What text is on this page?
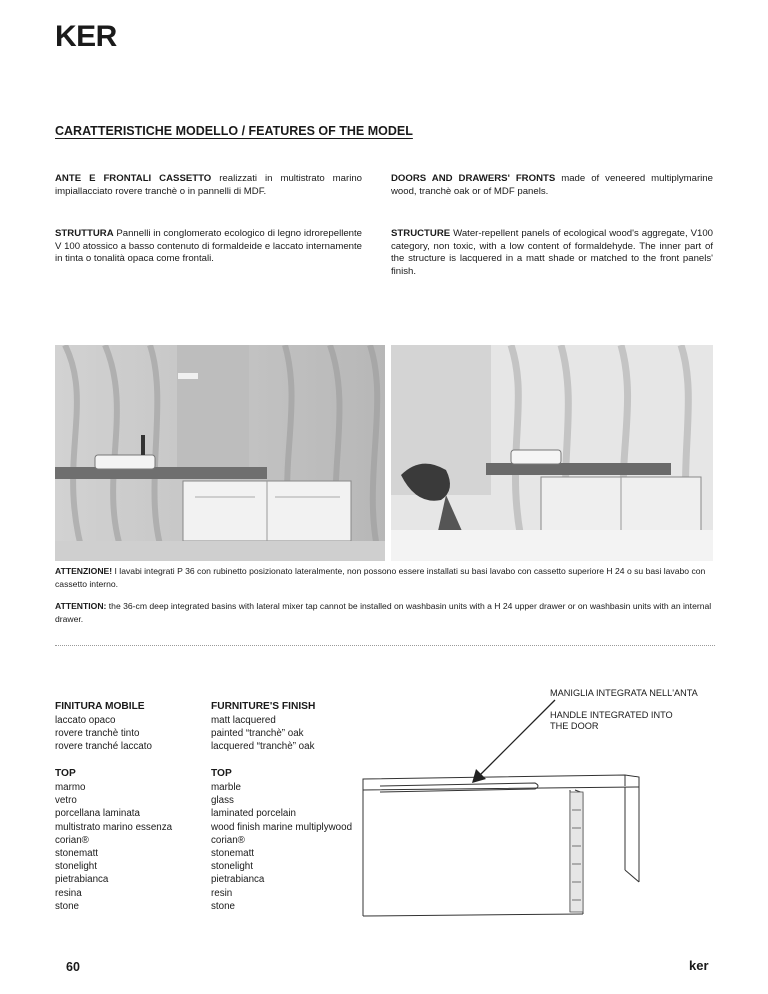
KER
CARATTERISTICHE MODELLO / FEATURES OF THE MODEL
ANTE E FRONTALI CASSETTO realizzati in multistrato marino impiallacciato rovere tranchè o in pannelli di MDF.
DOORS AND DRAWERS' FRONTS made of veneered multiplymarine wood, tranchè oak or of MDF panels.
STRUTTURA Pannelli in conglomerato ecologico di legno idrorepellente V 100 atossico a basso contenuto di formaldeide e laccato internamente in tinta o tonalità opaca come frontali.
STRUCTURE Water-repellent panels of ecological wood's aggregate, V100 category, non toxic, with a low content of formaldehyde. The inner part of the structure is lacquered in a matt shade or matched to the front panels' finish.
ATTENZIONE! I lavabi integrati P 36 con rubinetto posizionato lateralmente, non possono essere installati su basi lavabo con cassetto superiore H 24 o su basi lavabo con cassetto interno.
ATTENTION: the 36-cm deep integrated basins with lateral mixer tap cannot be installed on washbasin units with a H 24 upper drawer or on washbasin units with an internal drawer.
FINITURA MOBILE
laccato opaco
rovere tranchè tinto
rovere tranché laccato
FURNITURE'S FINISH
matt lacquered
painted “tranchè” oak
lacquered “tranchè” oak
TOP
marmo
vetro
porcellana laminata
multistrato marino essenza
corian®
stonematt
stonelight
pietrabianca
resina
stone
TOP
marble
glass
laminated porcelain
wood finish marine multiplywood
corian®
stonematt
stonelight
pietrabianca
resin
stone
MANIGLIA INTEGRATA NELL'ANTA
HANDLE INTEGRATED INTO
THE DOOR
60	ker
